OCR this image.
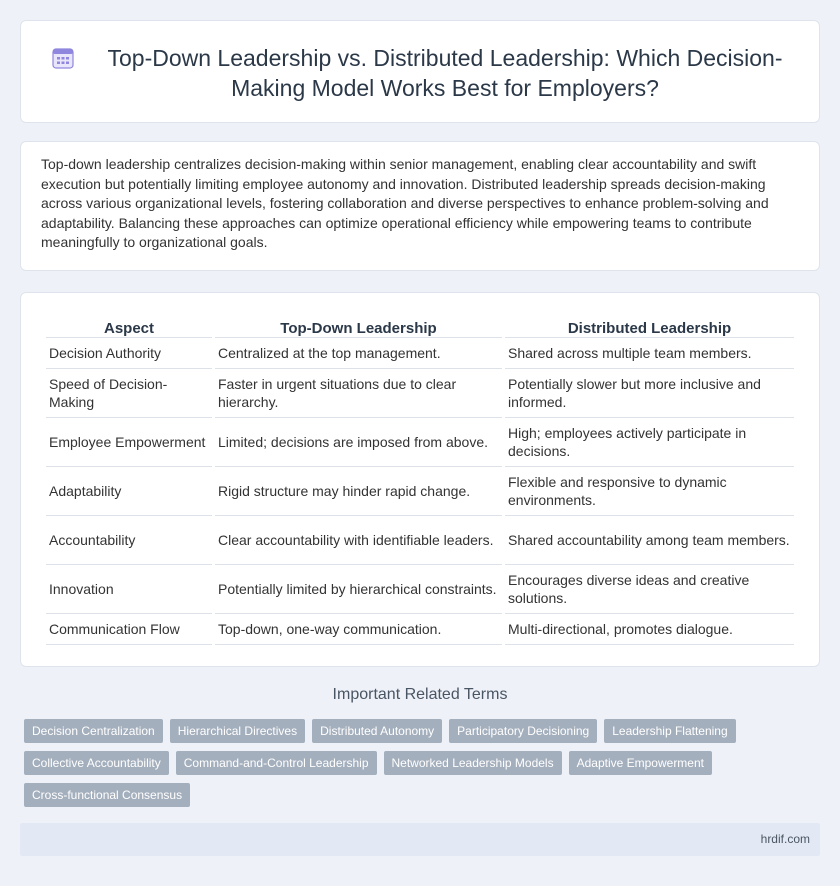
Top-Down Leadership vs. Distributed Leadership: Which Decision-Making Model Works Best for Employers?

Top-down leadership centralizes decision-making within senior management, enabling clear accountability and swift execution but potentially limiting employee autonomy and innovation. Distributed leadership spreads decision-making across various organizational levels, fostering collaboration and diverse perspectives to enhance problem-solving and adaptability. Balancing these approaches can optimize operational efficiency while empowering teams to contribute meaningfully to organizational goals.

Aspect	Top-Down Leadership	Distributed Leadership
Decision Authority	Centralized at the top management.	Shared across multiple team members.
Speed of Decision-Making	Faster in urgent situations due to clear hierarchy.	Potentially slower but more inclusive and informed.
Employee Empowerment	Limited; decisions are imposed from above.	High; employees actively participate in decisions.
Adaptability	Rigid structure may hinder rapid change.	Flexible and responsive to dynamic environments.
Accountability	Clear accountability with identifiable leaders.	Shared accountability among team members.
Innovation	Potentially limited by hierarchical constraints.	Encourages diverse ideas and creative solutions.
Communication Flow	Top-down, one-way communication.	Multi-directional, promotes dialogue.
Important Related Terms
Decision Centralization	Hierarchical Directives	Distributed Autonomy	Participatory Decisioning	Leadership Flattening
Collective Accountability	Command-and-Control Leadership	Networked Leadership Models	Adaptive Empowerment
Cross-functional Consensus
hrdif.com
